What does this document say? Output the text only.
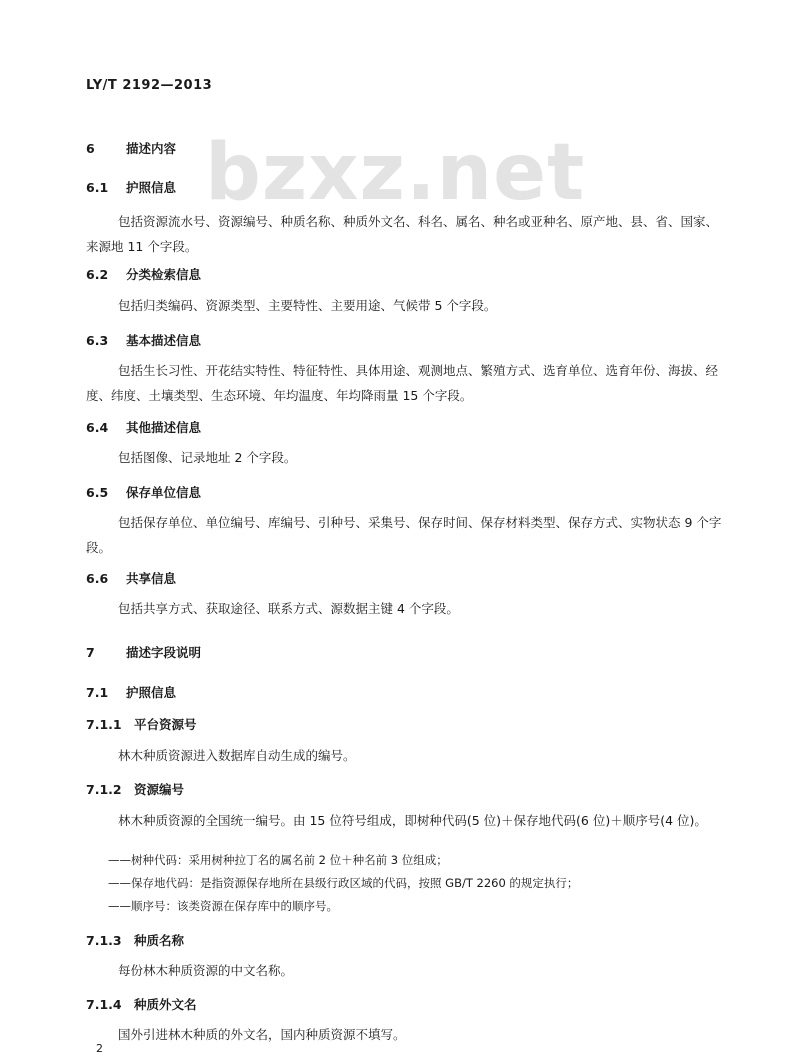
LY/T 2192—2013
bzxz.net
6	描述内容
6.1 护照信息
包括资源流水号、资源编号、种质名称、种质外文名、科名、属名、种名或亚种名、原产地、县、省、国家、来源地 11 个字段。
6.2 分类检索信息
包括归类编码、资源类型、主要特性、主要用途、气候带 5 个字段。
6.3 基本描述信息
包括生长习性、开花结实特性、特征特性、具体用途、观测地点、繁殖方式、选育单位、选育年份、海拔、经度、纬度、土壤类型、生态环境、年均温度、年均降雨量 15 个字段。
6.4 其他描述信息
包括图像、记录地址 2 个字段。
6.5 保存单位信息
包括保存单位、单位编号、库编号、引种号、采集号、保存时间、保存材料类型、保存方式、实物状态 9 个字段。
6.6 共享信息
包括共享方式、获取途径、联系方式、源数据主键 4 个字段。
7	描述字段说明
7.1 护照信息
7.1.1 平台资源号
林木种质资源进入数据库自动生成的编号。
7.1.2 资源编号
林木种质资源的全国统一编号。由 15 位符号组成，即树种代码(5 位)＋保存地代码(6 位)＋顺序号(4 位)。
——树种代码：采用树种拉丁名的属名前 2 位＋种名前 3 位组成；
——保存地代码：是指资源保存地所在县级行政区域的代码，按照 GB/T 2260 的规定执行；
——顺序号：该类资源在保存库中的顺序号。
7.1.3 种质名称
每份林木种质资源的中文名称。
7.1.4 种质外文名
国外引进林木种质的外文名，国内种质资源不填写。
2
